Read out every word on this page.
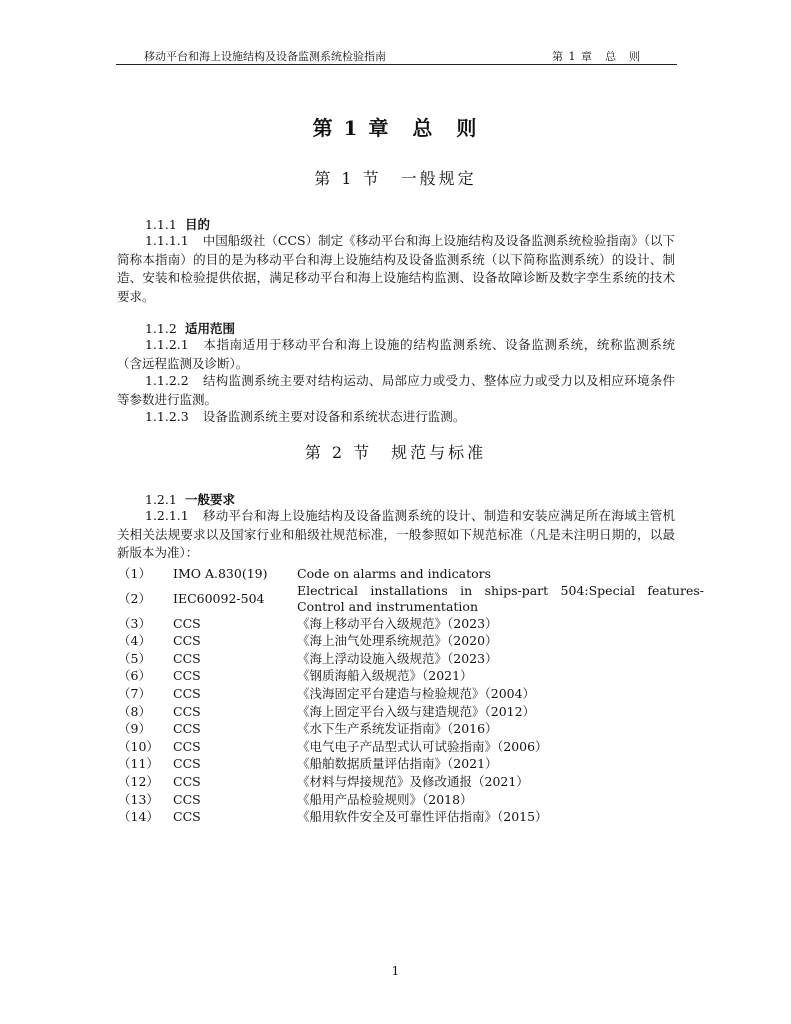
移动平台和海上设施结构及设备监测系统检验指南	第 1 章　总　则
第 1 章　总　则
第 1 节　一般规定
1.1.1 目的

1.1.1.1 中国船级社（CCS）制定《移动平台和海上设施结构及设备监测系统检验指南》（以下简称本指南）的目的是为移动平台和海上设施结构及设备监测系统（以下简称监测系统）的设计、制造、安装和检验提供依据，满足移动平台和海上设施结构监测、设备故障诊断及数字孪生系统的技术要求。

1.1.2 适用范围

1.1.2.1 本指南适用于移动平台和海上设施的结构监测系统、设备监测系统，统称监测系统（含远程监测及诊断）。

1.1.2.2 结构监测系统主要对结构运动、局部应力或受力、整体应力或受力以及相应环境条件等参数进行监测。

1.1.2.3 设备监测系统主要对设备和系统状态进行监测。

第 2 节　规范与标准
1.2.1 一般要求

1.2.1.1 移动平台和海上设施结构及设备监测系统的设计、制造和安装应满足所在海域主管机关相关法规要求以及国家行业和船级社规范标准，一般参照如下规范标准（凡是未注明日期的，以最新版本为准）：

（1）	IMO A.830(19)	Code on alarms and indicators
（2）	IEC60092-504	Electrical installations in ships-part 504:Special features-Control and instrumentation
（3）	CCS	《海上移动平台入级规范》（2023）
（4）	CCS	《海上油气处理系统规范》（2020）
（5）	CCS	《海上浮动设施入级规范》（2023）
（6）	CCS	《钢质海船入级规范》（2021）
（7）	CCS	《浅海固定平台建造与检验规范》（2004）
（8）	CCS	《海上固定平台入级与建造规范》（2012）
（9）	CCS	《水下生产系统发证指南》（2016）
（10）	CCS	《电气电子产品型式认可试验指南》（2006）
（11）	CCS	《船舶数据质量评估指南》（2021）
（12）	CCS	《材料与焊接规范》及修改通报（2021）
（13）	CCS	《船用产品检验规则》（2018）
（14）	CCS	《船用软件安全及可靠性评估指南》（2015）
1
